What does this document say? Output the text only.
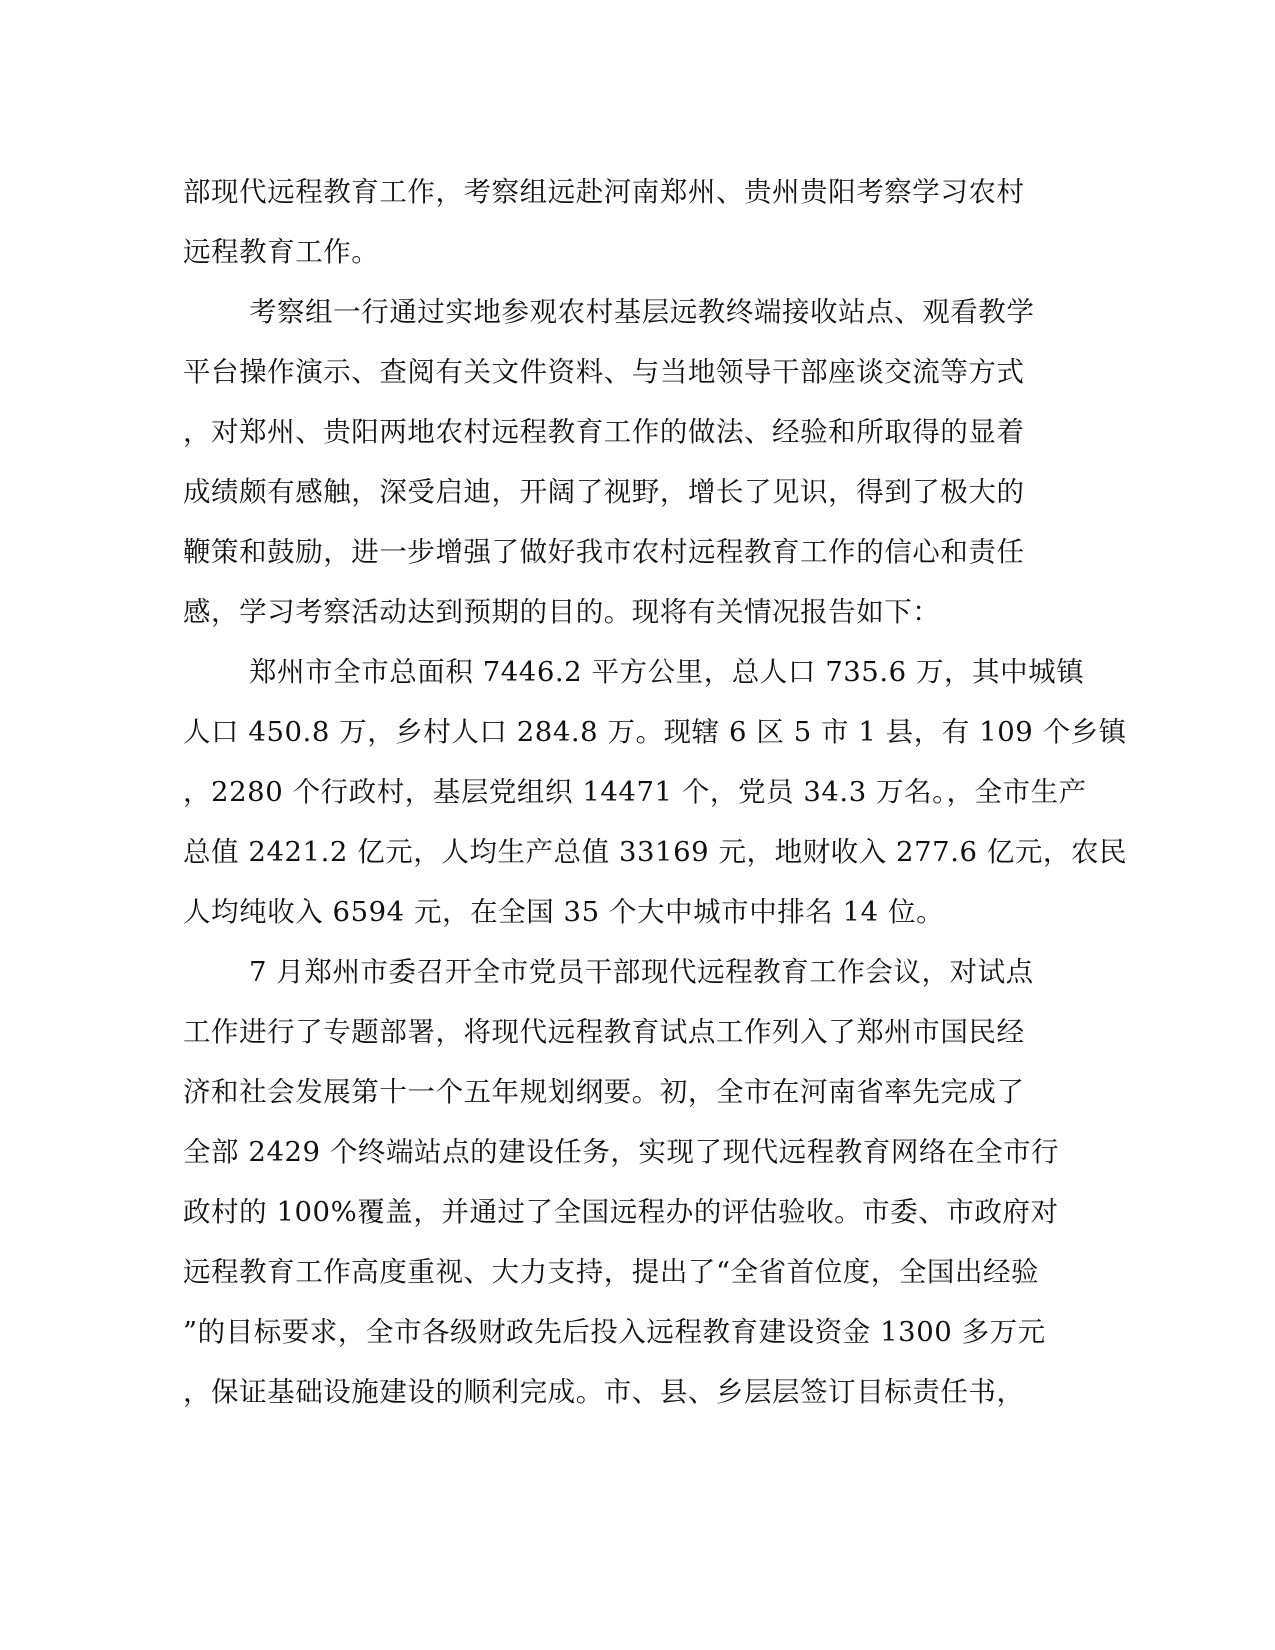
部现代远程教育工作，考察组远赴河南郑州、贵州贵阳考察学习农村
远程教育工作。
考察组一行通过实地参观农村基层远教终端接收站点、观看教学
平台操作演示、查阅有关文件资料、与当地领导干部座谈交流等方式
，对郑州、贵阳两地农村远程教育工作的做法、经验和所取得的显着
成绩颇有感触，深受启迪，开阔了视野，增长了见识，得到了极大的
鞭策和鼓励，进一步增强了做好我市农村远程教育工作的信心和责任
感，学习考察活动达到预期的目的。现将有关情况报告如下：
郑州市全市总面积 7446.2 平方公里，总人口 735.6 万，其中城镇
人口 450.8 万，乡村人口 284.8 万。现辖 6 区 5 市 1 县，有 109 个乡镇
，2280 个行政村，基层党组织 14471 个，党员 34.3 万名。，全市生产
总值 2421.2 亿元，人均生产总值 33169 元，地财收入 277.6 亿元，农民
人均纯收入 6594 元，在全国 35 个大中城市中排名 14 位。
7 月郑州市委召开全市党员干部现代远程教育工作会议，对试点
工作进行了专题部署，将现代远程教育试点工作列入了郑州市国民经
济和社会发展第十一个五年规划纲要。初，全市在河南省率先完成了
全部 2429 个终端站点的建设任务，实现了现代远程教育网络在全市行
政村的 100%覆盖，并通过了全国远程办的评估验收。市委、市政府对
远程教育工作高度重视、大力支持，提出了“全省首位度，全国出经验
”的目标要求，全市各级财政先后投入远程教育建设资金 1300 多万元
，保证基础设施建设的顺利完成。市、县、乡层层签订目标责任书，
